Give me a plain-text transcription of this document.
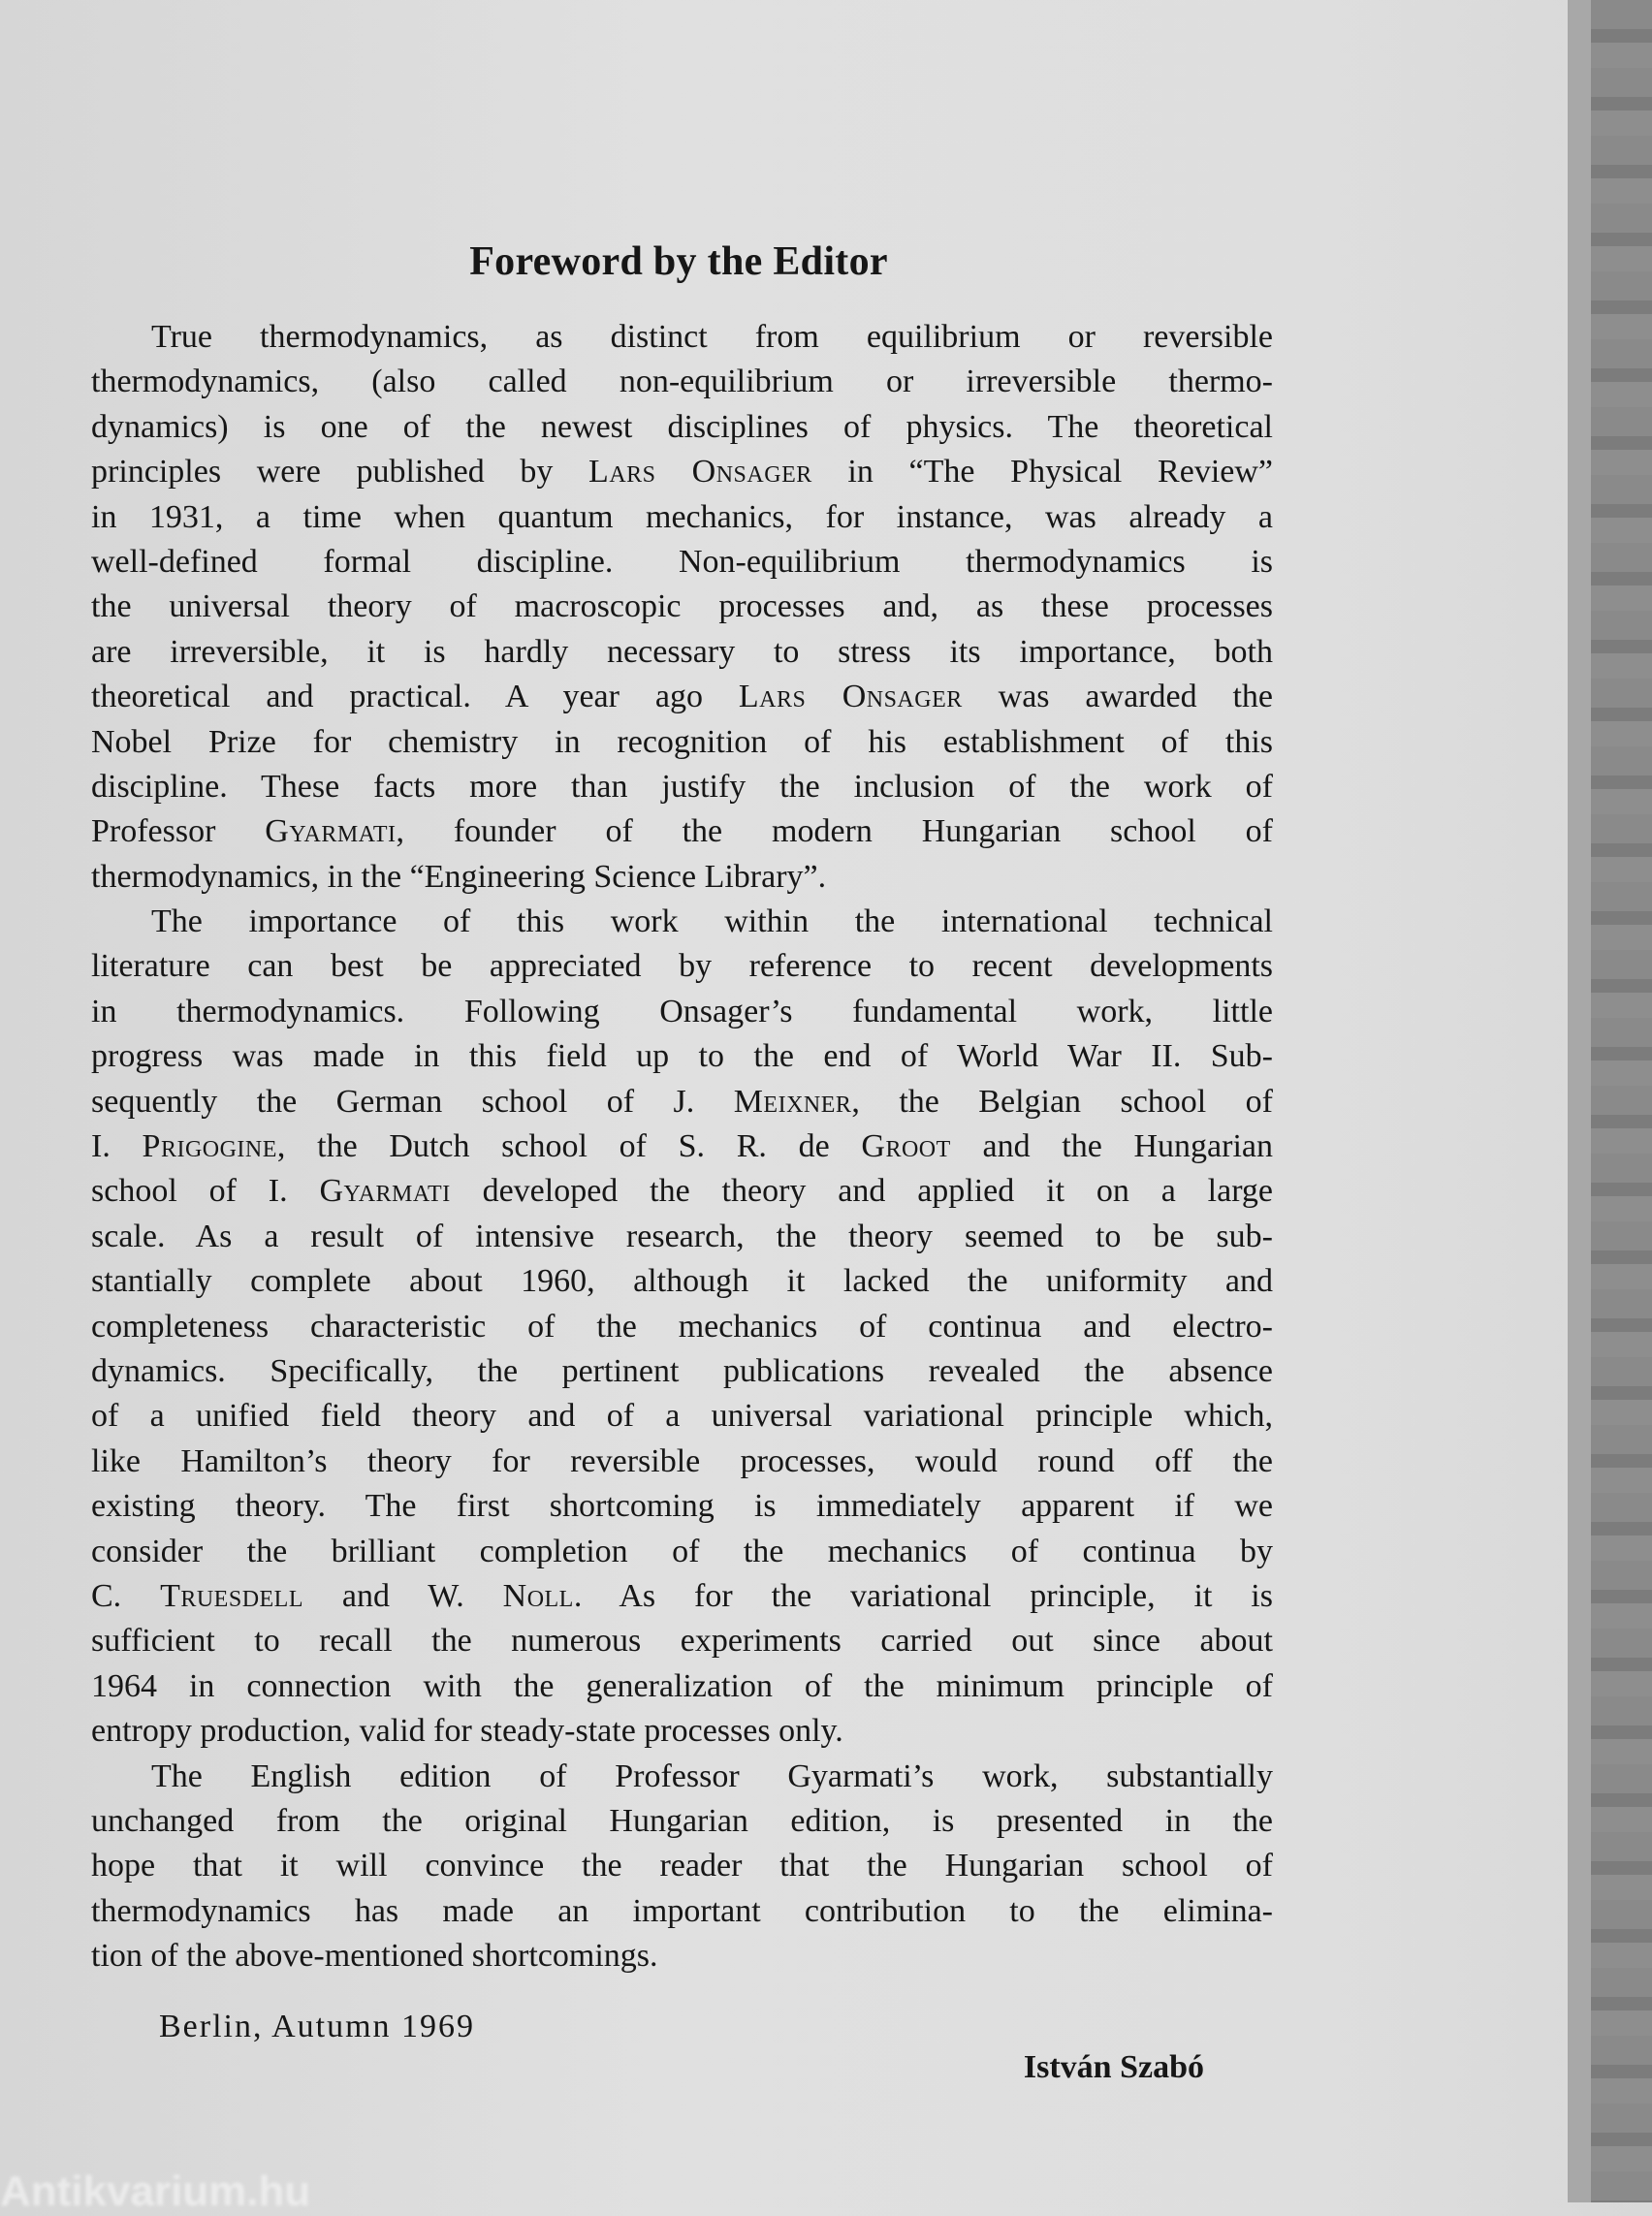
Foreword by the Editor
True thermodynamics, as distinct from equilibrium or reversible
thermodynamics, (also called non-equilibrium or irreversible thermo-
dynamics) is one of the newest disciplines of physics. The theoretical
principles were published by Lars Onsager in “The Physical Review”
in 1931, a time when quantum mechanics, for instance, was already a
well-defined formal discipline. Non-equilibrium thermodynamics is
the universal theory of macroscopic processes and, as these processes
are irreversible, it is hardly necessary to stress its importance, both
theoretical and practical. A year ago Lars Onsager was awarded the
Nobel Prize for chemistry in recognition of his establishment of this
discipline. These facts more than justify the inclusion of the work of
Professor Gyarmati, founder of the modern Hungarian school of
thermodynamics, in the “Engineering Science Library”.
The importance of this work within the international technical
literature can best be appreciated by reference to recent developments
in thermodynamics. Following Onsager’s fundamental work, little
progress was made in this field up to the end of World War II. Sub-
sequently the German school of J. Meixner, the Belgian school of
I. Prigogine, the Dutch school of S. R. de Groot and the Hungarian
school of I. Gyarmati developed the theory and applied it on a large
scale. As a result of intensive research, the theory seemed to be sub-
stantially complete about 1960, although it lacked the uniformity and
completeness characteristic of the mechanics of continua and electro-
dynamics. Specifically, the pertinent publications revealed the absence
of a unified field theory and of a universal variational principle which,
like Hamilton’s theory for reversible processes, would round off the
existing theory. The first shortcoming is immediately apparent if we
consider the brilliant completion of the mechanics of continua by
C. Truesdell and W. Noll. As for the variational principle, it is
sufficient to recall the numerous experiments carried out since about
1964 in connection with the generalization of the minimum principle of
entropy production, valid for steady-state processes only.
The English edition of Professor Gyarmati’s work, substantially
unchanged from the original Hungarian edition, is presented in the
hope that it will convince the reader that the Hungarian school of
thermodynamics has made an important contribution to the elimina-
tion of the above-mentioned shortcomings.
Berlin, Autumn 1969
István Szabó
Antikvarium.hu
